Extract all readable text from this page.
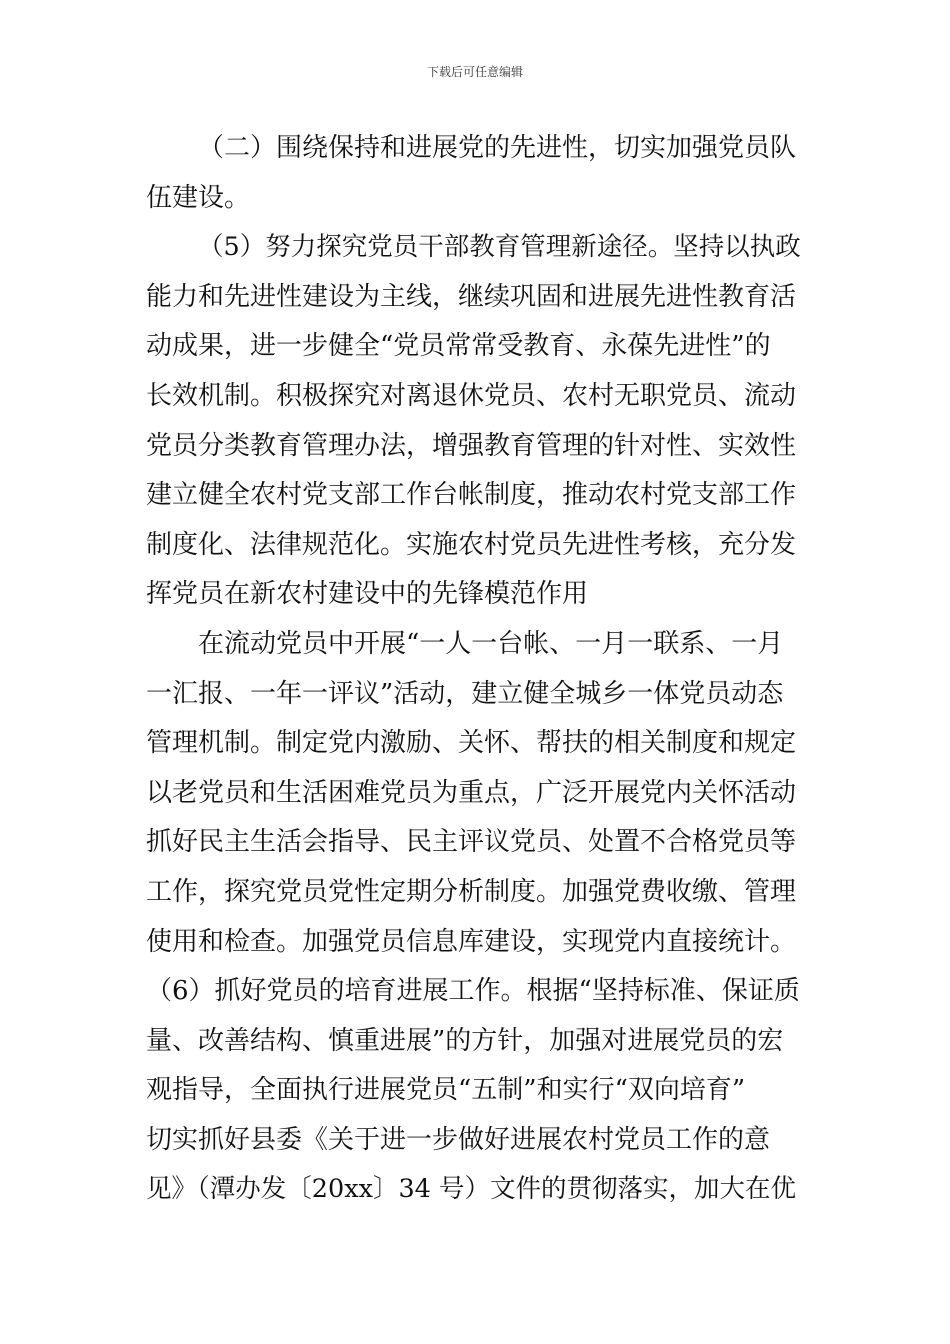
下载后可任意编辑
（二）围绕保持和进展党的先进性，切实加强党员队
伍建设。
（5）努力探究党员干部教育管理新途径。坚持以执政
能力和先进性建设为主线，继续巩固和进展先进性教育活
动成果，进一步健全“党员常常受教育、永葆先进性”的
长效机制。积极探究对离退休党员、农村无职党员、流动
党员分类教育管理办法，增强教育管理的针对性、实效性
建立健全农村党支部工作台帐制度，推动农村党支部工作
制度化、法律规范化。实施农村党员先进性考核，充分发
挥党员在新农村建设中的先锋模范作用
在流动党员中开展“一人一台帐、一月一联系、一月
一汇报、一年一评议”活动，建立健全城乡一体党员动态
管理机制。制定党内激励、关怀、帮扶的相关制度和规定
以老党员和生活困难党员为重点，广泛开展党内关怀活动
抓好民主生活会指导、民主评议党员、处置不合格党员等
工作，探究党员党性定期分析制度。加强党费收缴、管理
使用和检查。加强党员信息库建设，实现党内直接统计。
（6）抓好党员的培育进展工作。根据“坚持标准、保证质
量、改善结构、慎重进展”的方针，加强对进展党员的宏
观指导，全面执行进展党员“五制”和实行“双向培育”
切实抓好县委《关于进一步做好进展农村党员工作的意
见》（潭办发〔20xx〕34 号）文件的贯彻落实，加大在优
